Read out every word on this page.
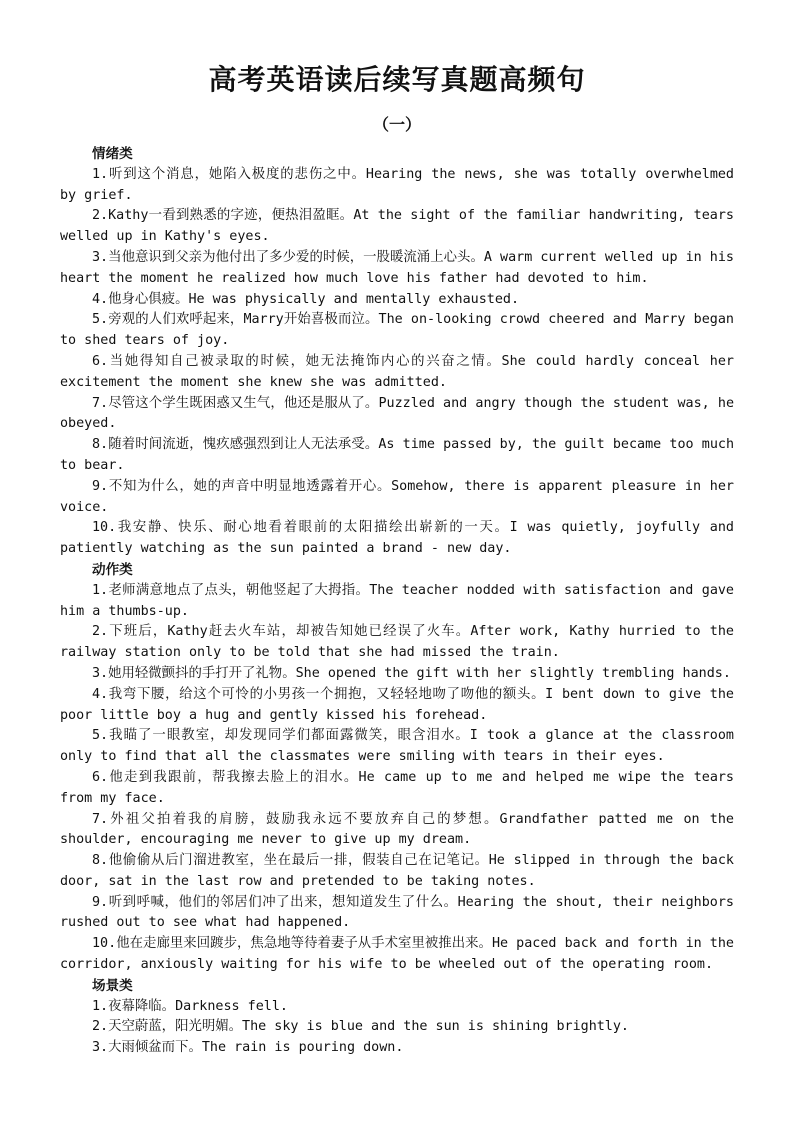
高考英语读后续写真题高频句
（一）

情绪类

1.听到这个消息，她陷入极度的悲伤之中。Hearing the news, she was totally overwhelmed by grief.

2.Kathy一看到熟悉的字迹，便热泪盈眶。At the sight of the familiar handwriting, tears welled up in Kathy's eyes.

3.当他意识到父亲为他付出了多少爱的时候，一股暖流涌上心头。A warm current welled up in his heart the moment he realized how much love his father had devoted to him.

4.他身心俱疲。He was physically and mentally exhausted.

5.旁观的人们欢呼起来，Marry开始喜极而泣。The on-looking crowd cheered and Marry began to shed tears of joy.

6.当她得知自己被录取的时候，她无法掩饰内心的兴奋之情。She could hardly conceal her excitement the moment she knew she was admitted.

7.尽管这个学生既困惑又生气，他还是服从了。Puzzled and angry though the student was, he obeyed.

8.随着时间流逝，愧疚感强烈到让人无法承受。As time passed by, the guilt became too much to bear.

9.不知为什么，她的声音中明显地透露着开心。Somehow, there is apparent pleasure in her voice.

10.我安静、快乐、耐心地看着眼前的太阳描绘出崭新的一天。I was quietly, joyfully and patiently watching as the sun painted a brand - new day.

动作类

1.老师满意地点了点头，朝他竖起了大拇指。The teacher nodded with satisfaction and gave him a thumbs-up.

2.下班后，Kathy赶去火车站，却被告知她已经误了火车。After work, Kathy hurried to the railway station only to be told that she had missed the train.

3.她用轻微颤抖的手打开了礼物。She opened the gift with her slightly trembling hands.

4.我弯下腰，给这个可怜的小男孩一个拥抱，又轻轻地吻了吻他的额头。I bent down to give the poor little boy a hug and gently kissed his forehead.

5.我瞄了一眼教室，却发现同学们都面露微笑，眼含泪水。I took a glance at the classroom only to find that all the classmates were smiling with tears in their eyes.

6.他走到我跟前，帮我擦去脸上的泪水。He came up to me and helped me wipe the tears from my face.

7.外祖父拍着我的肩膀，鼓励我永远不要放弃自己的梦想。Grandfather patted me on the shoulder, encouraging me never to give up my dream.

8.他偷偷从后门溜进教室，坐在最后一排，假装自己在记笔记。He slipped in through the back door, sat in the last row and pretended to be taking notes.

9.听到呼喊，他们的邻居们冲了出来，想知道发生了什么。Hearing the shout, their neighbors rushed out to see what had happened.

10.他在走廊里来回踱步，焦急地等待着妻子从手术室里被推出来。He paced back and forth in the corridor, anxiously waiting for his wife to be wheeled out of the operating room.

场景类

1.夜幕降临。Darkness fell.

2.天空蔚蓝，阳光明媚。The sky is blue and the sun is shining brightly.

3.大雨倾盆而下。The rain is pouring down.
